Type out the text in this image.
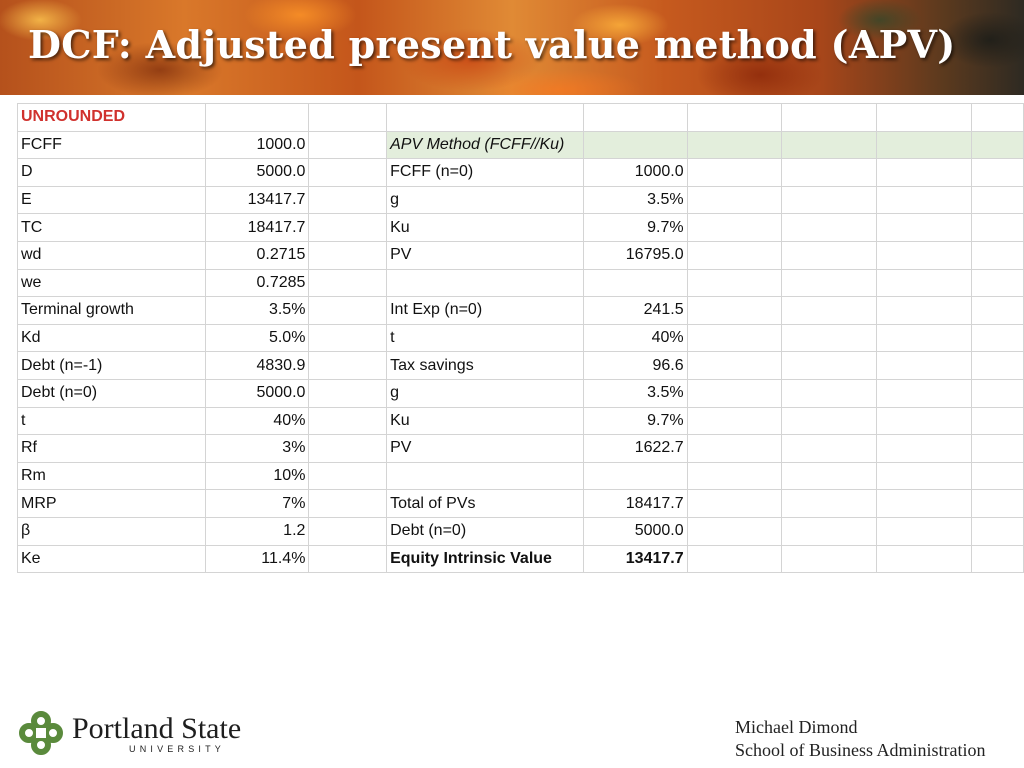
DCF: Adjusted present value method (APV)
UNROUNDED								
FCFF	1000.0		APV Method (FCFF//Ku)					
D	5000.0		FCFF (n=0)	1000.0				
E	13417.7		g	3.5%				
TC	18417.7		Ku	9.7%				
wd	0.2715		PV	16795.0				
we	0.7285							
Terminal growth	3.5%		Int Exp (n=0)	241.5				
Kd	5.0%		t	40%				
Debt (n=-1)	4830.9		Tax savings	96.6				
Debt (n=0)	5000.0		g	3.5%				
t	40%		Ku	9.7%				
Rf	3%		PV	1622.7				
Rm	10%							
MRP	7%		Total of PVs	18417.7				
β	1.2		Debt (n=0)	5000.0				
Ke	11.4%		Equity Intrinsic Value	13417.7				
Portland State
UNIVERSITY
Michael Dimond
School of Business Administration
